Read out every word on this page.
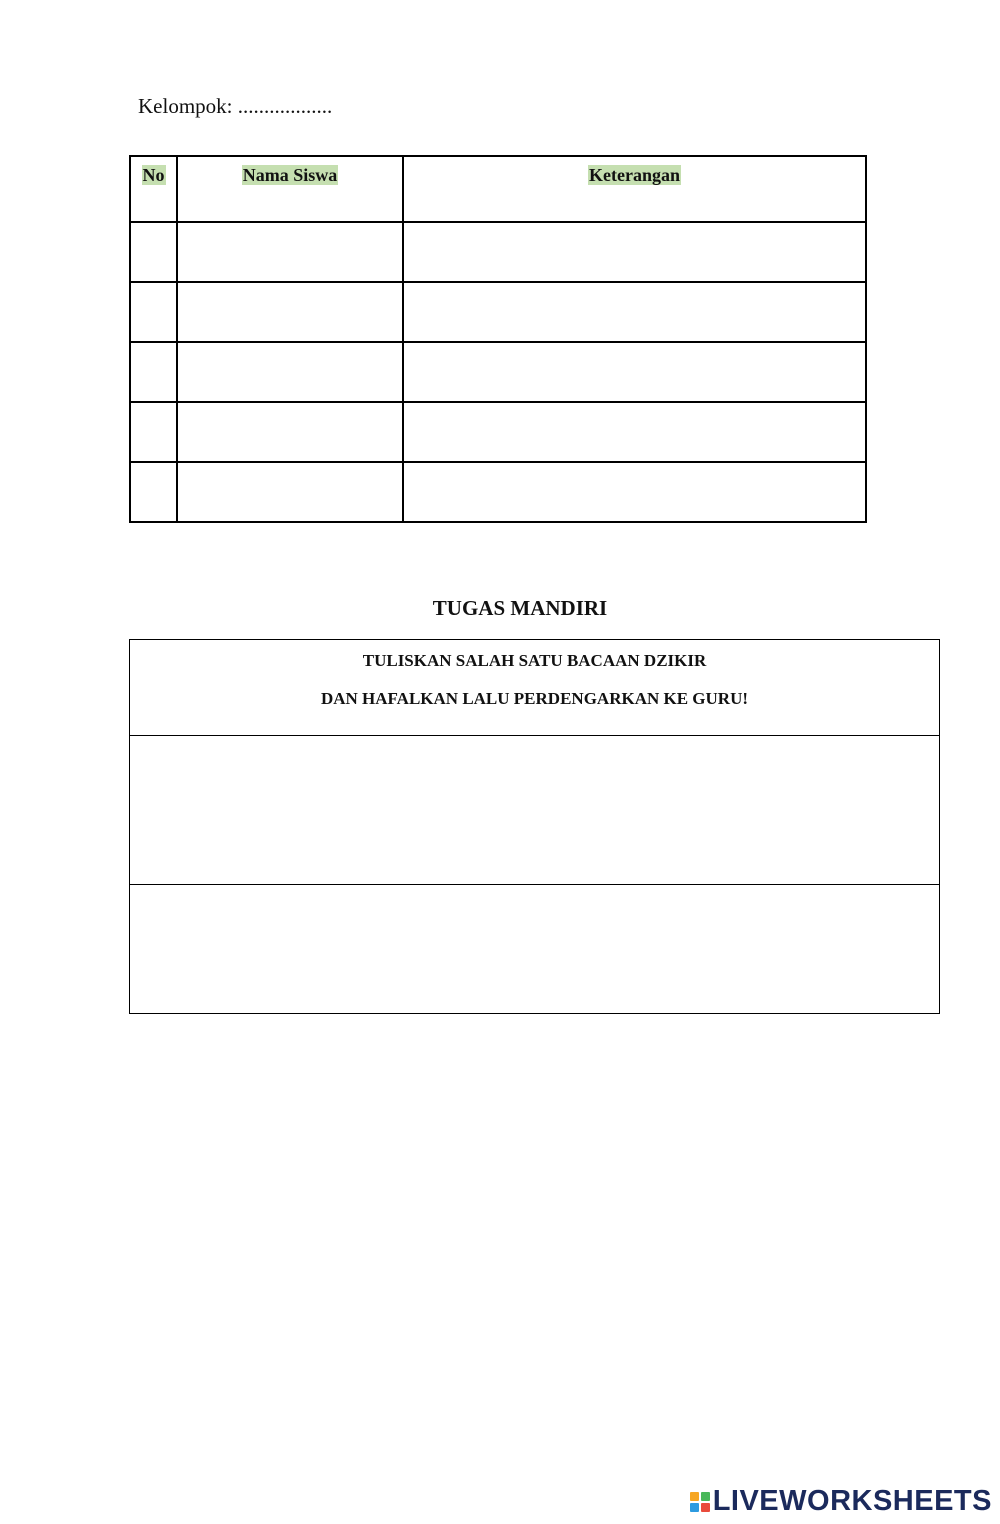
Kelompok: ..................
No	Nama Siswa	Keterangan

TUGAS MANDIRI
TULISKAN SALAH SATU BACAAN DZIKIR
DAN HAFALKAN LALU PERDENGARKAN KE GURU!
LIVEWORKSHEETS
